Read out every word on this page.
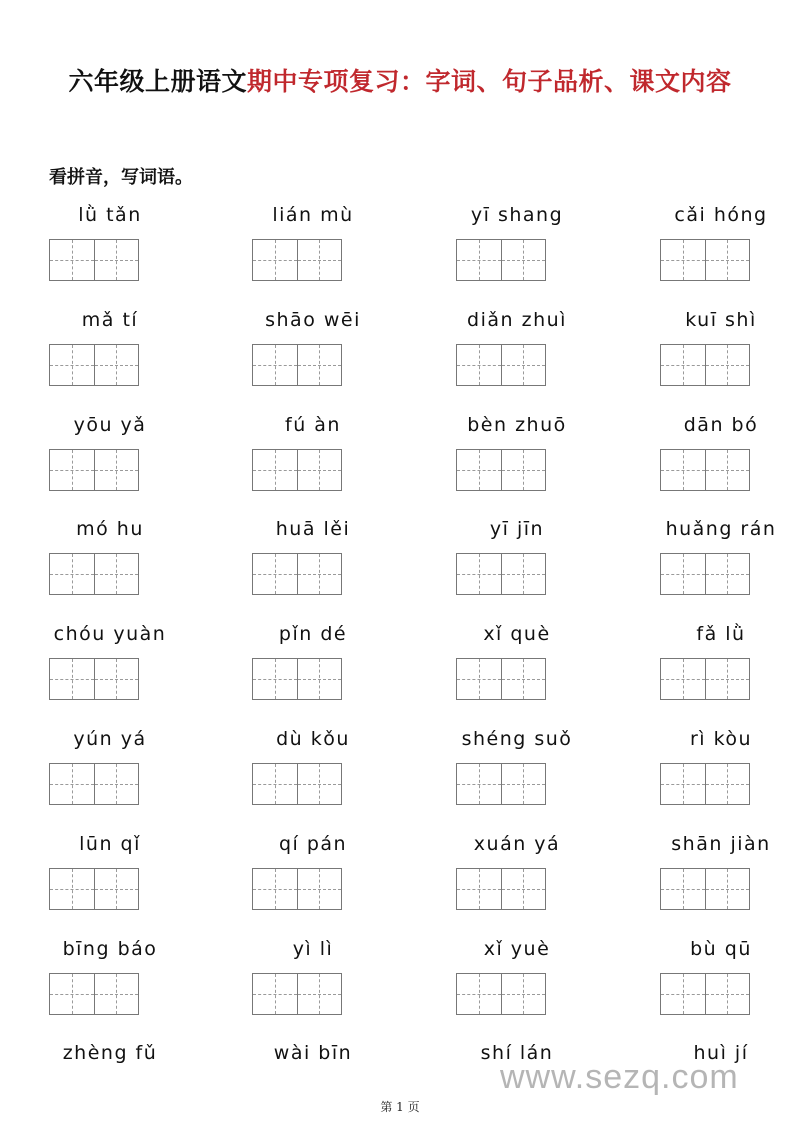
六年级上册语文期中专项复习：字词、句子品析、课文内容
看拼音，写词语。
lǜ tǎn	lián mù	yī shang	cǎi hóng
mǎ tí	shāo wēi	diǎn zhuì	kuī shì
yōu yǎ	fú àn	bèn zhuō	dān bó
mó hu	huā lěi	yī jīn	huǎng rán
chóu yuàn	pǐn dé	xǐ què	fǎ lǜ
yún yá	dù kǒu	shéng suǒ	rì kòu
lūn qǐ	qí pán	xuán yá	shān jiàn
bīng báo	yì lì	xǐ yuè	bù qū
zhèng fǔ	wài bīn	shí lán	huì jí
www.sezq.com
第 1 页
